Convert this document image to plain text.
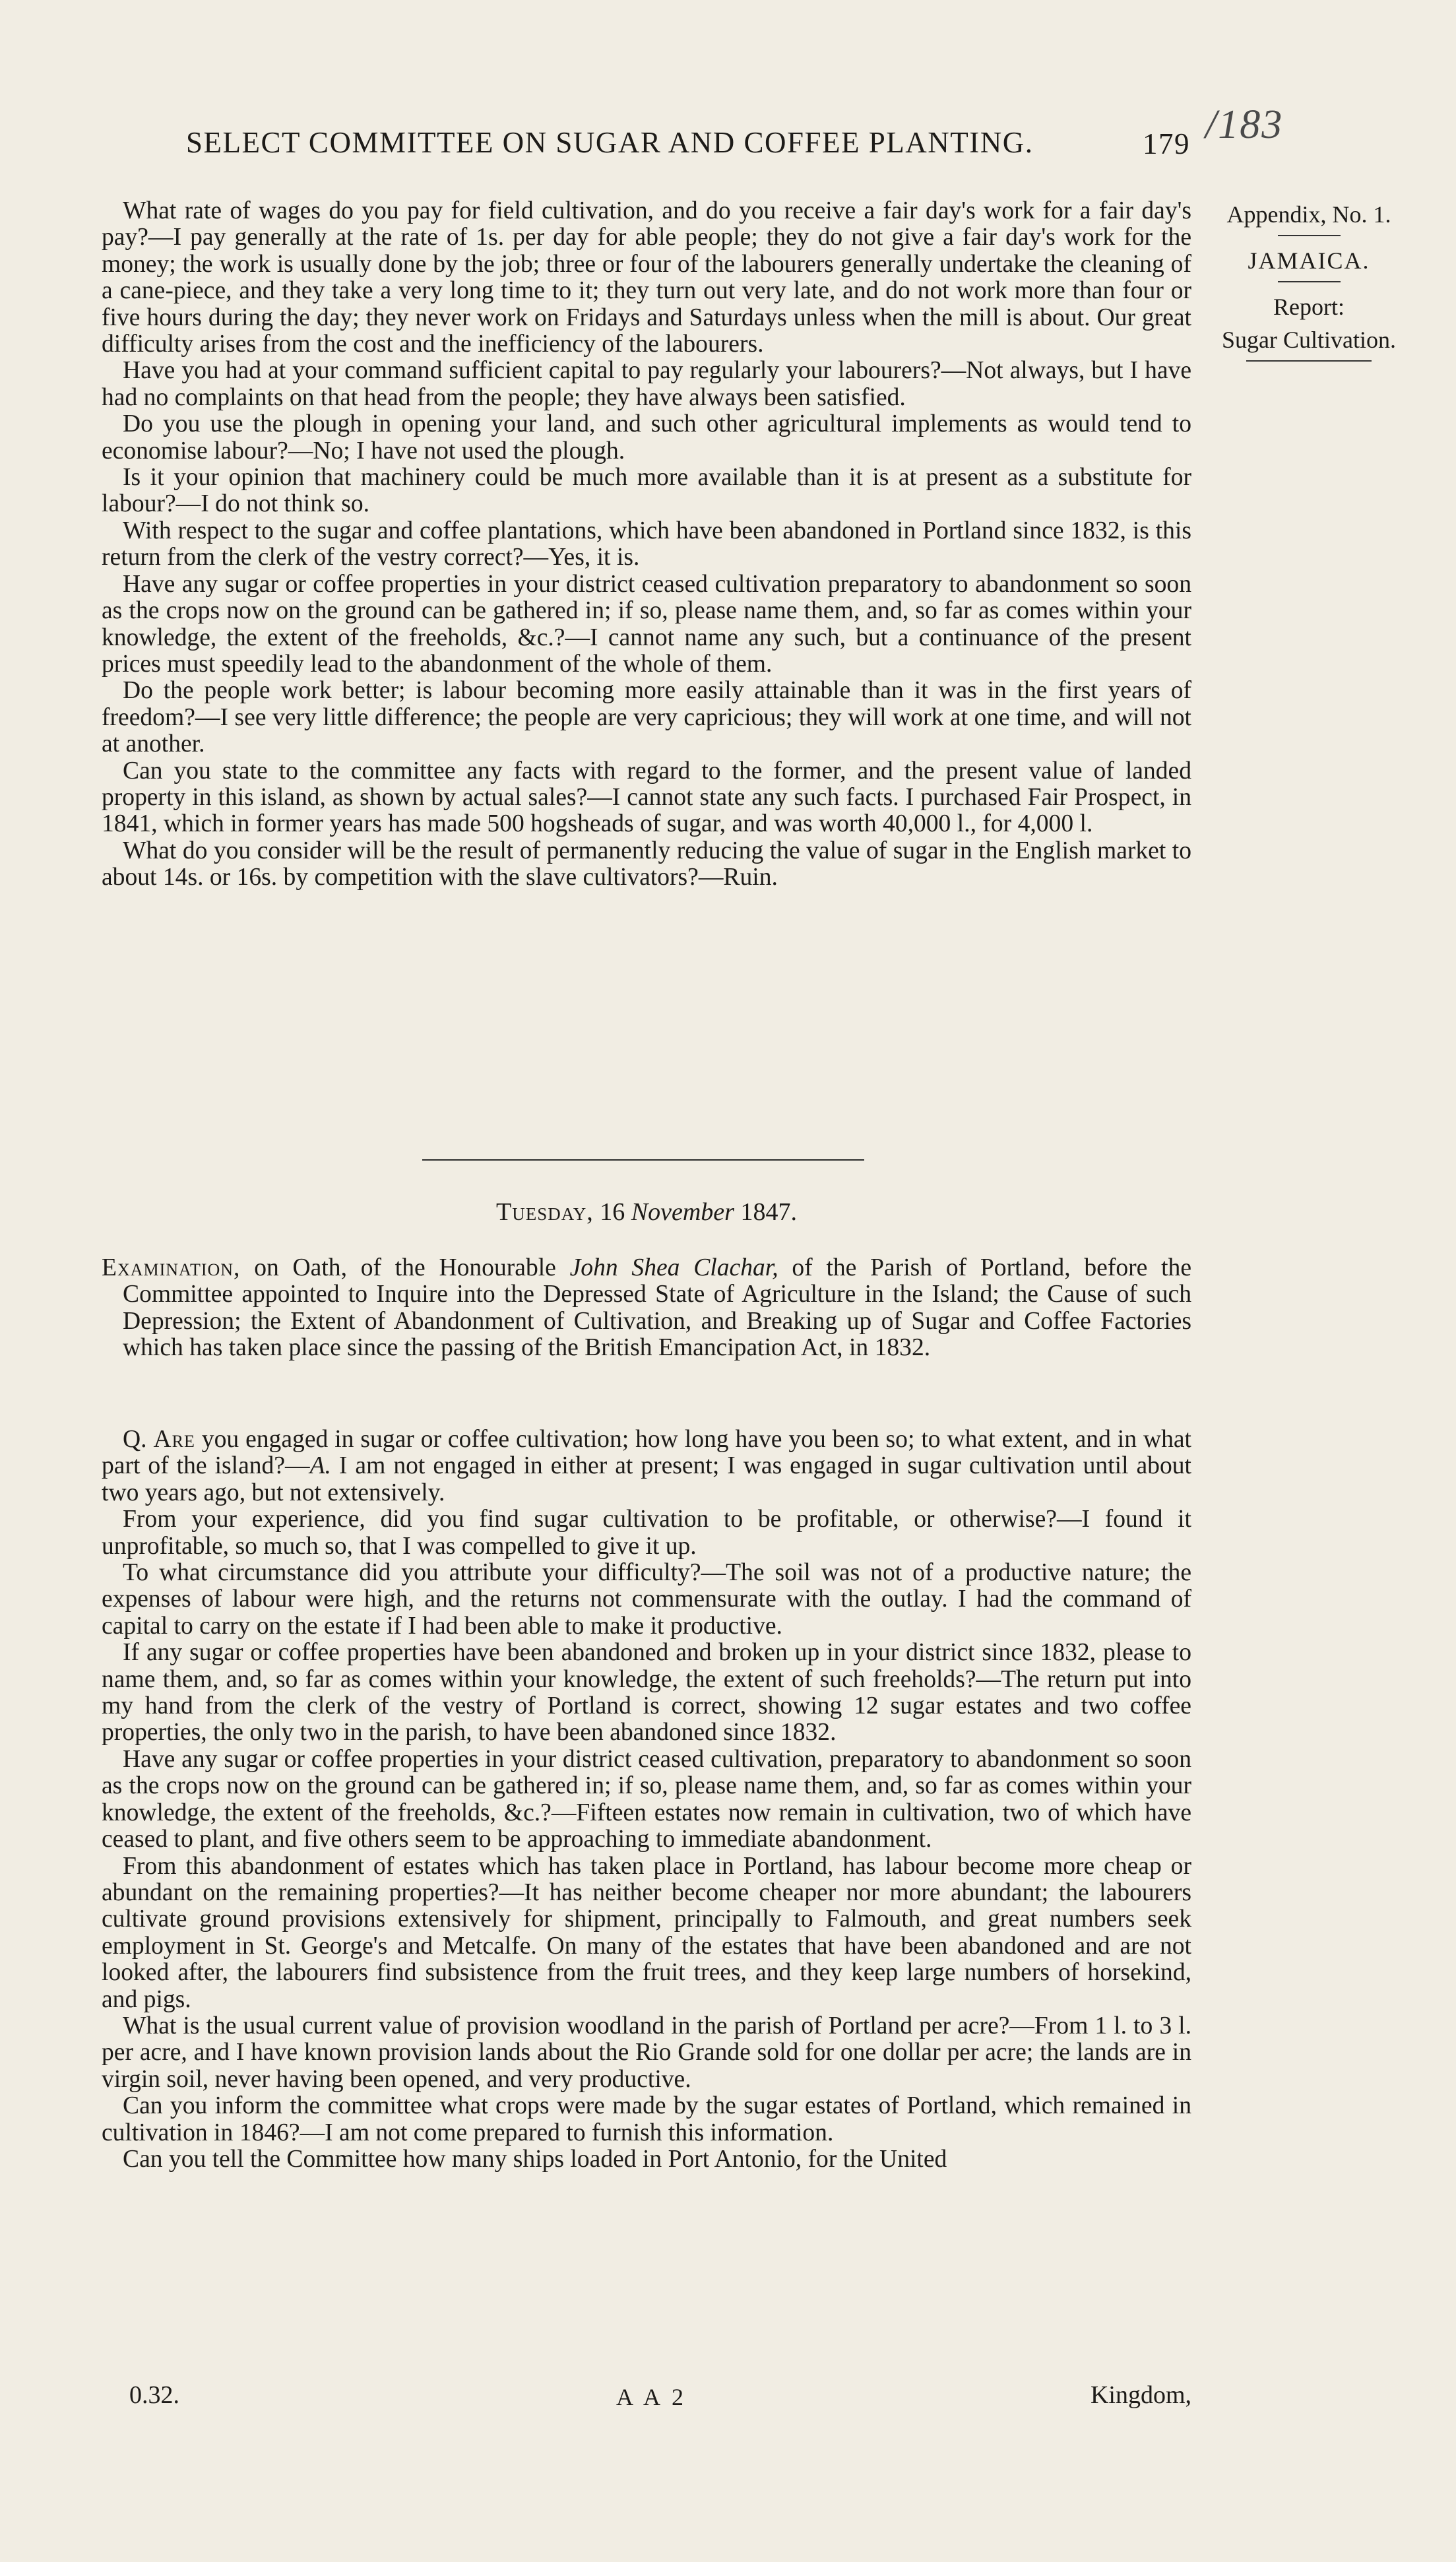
SELECT COMMITTEE ON SUGAR AND COFFEE PLANTING.	179 /183
Appendix, No. 1.
JAMAICA.
Report:
Sugar Cultivation.

What rate of wages do you pay for field cultivation, and do you receive a fair day's work for a fair day's pay?—I pay generally at the rate of 1s. per day for able people; they do not give a fair day's work for the money; the work is usually done by the job; three or four of the labourers generally undertake the cleaning of a cane-piece, and they take a very long time to it; they turn out very late, and do not work more than four or five hours during the day; they never work on Fridays and Saturdays unless when the mill is about. Our great difficulty arises from the cost and the inefficiency of the labourers.

Have you had at your command sufficient capital to pay regularly your labourers?—Not always, but I have had no complaints on that head from the people; they have always been satisfied.

Do you use the plough in opening your land, and such other agricultural implements as would tend to economise labour?—No; I have not used the plough.

Is it your opinion that machinery could be much more available than it is at present as a substitute for labour?—I do not think so.

With respect to the sugar and coffee plantations, which have been abandoned in Portland since 1832, is this return from the clerk of the vestry correct?—Yes, it is.

Have any sugar or coffee properties in your district ceased cultivation preparatory to abandonment so soon as the crops now on the ground can be gathered in; if so, please name them, and, so far as comes within your knowledge, the extent of the freeholds, &c.?—I cannot name any such, but a continuance of the present prices must speedily lead to the abandonment of the whole of them.

Do the people work better; is labour becoming more easily attainable than it was in the first years of freedom?—I see very little difference; the people are very capricious; they will work at one time, and will not at another.

Can you state to the committee any facts with regard to the former, and the present value of landed property in this island, as shown by actual sales?—I cannot state any such facts. I purchased Fair Prospect, in 1841, which in former years has made 500 hogsheads of sugar, and was worth 40,000 l., for 4,000 l.

What do you consider will be the result of permanently reducing the value of sugar in the English market to about 14s. or 16s. by competition with the slave cultivators?—Ruin.

Tuesday, 16 November 1847.

Examination, on Oath, of the Honourable John Shea Clachar, of the Parish of Portland, before the Committee appointed to Inquire into the Depressed State of Agriculture in the Island; the Cause of such Depression; the Extent of Abandonment of Cultivation, and Breaking up of Sugar and Coffee Factories which has taken place since the passing of the British Emancipation Act, in 1832.

Q. Are you engaged in sugar or coffee cultivation; how long have you been so; to what extent, and in what part of the island?—A. I am not engaged in either at present; I was engaged in sugar cultivation until about two years ago, but not extensively.

From your experience, did you find sugar cultivation to be profitable, or otherwise?—I found it unprofitable, so much so, that I was compelled to give it up.

To what circumstance did you attribute your difficulty?—The soil was not of a productive nature; the expenses of labour were high, and the returns not commensurate with the outlay. I had the command of capital to carry on the estate if I had been able to make it productive.

If any sugar or coffee properties have been abandoned and broken up in your district since 1832, please to name them, and, so far as comes within your knowledge, the extent of such freeholds?—The return put into my hand from the clerk of the vestry of Portland is correct, showing 12 sugar estates and two coffee properties, the only two in the parish, to have been abandoned since 1832.

Have any sugar or coffee properties in your district ceased cultivation, preparatory to abandonment so soon as the crops now on the ground can be gathered in; if so, please name them, and, so far as comes within your knowledge, the extent of the freeholds, &c.?—Fifteen estates now remain in cultivation, two of which have ceased to plant, and five others seem to be approaching to immediate abandonment.

From this abandonment of estates which has taken place in Portland, has labour become more cheap or abundant on the remaining properties?—It has neither become cheaper nor more abundant; the labourers cultivate ground provisions extensively for shipment, principally to Falmouth, and great numbers seek employment in St. George's and Metcalfe. On many of the estates that have been abandoned and are not looked after, the labourers find subsistence from the fruit trees, and they keep large numbers of horsekind, and pigs.

What is the usual current value of provision woodland in the parish of Portland per acre?—From 1 l. to 3 l. per acre, and I have known provision lands about the Rio Grande sold for one dollar per acre; the lands are in virgin soil, never having been opened, and very productive.

Can you inform the committee what crops were made by the sugar estates of Portland, which remained in cultivation in 1846?—I am not come prepared to furnish this information.

Can you tell the Committee how many ships loaded in Port Antonio, for the United

0.32.	A A 2	Kingdom,
